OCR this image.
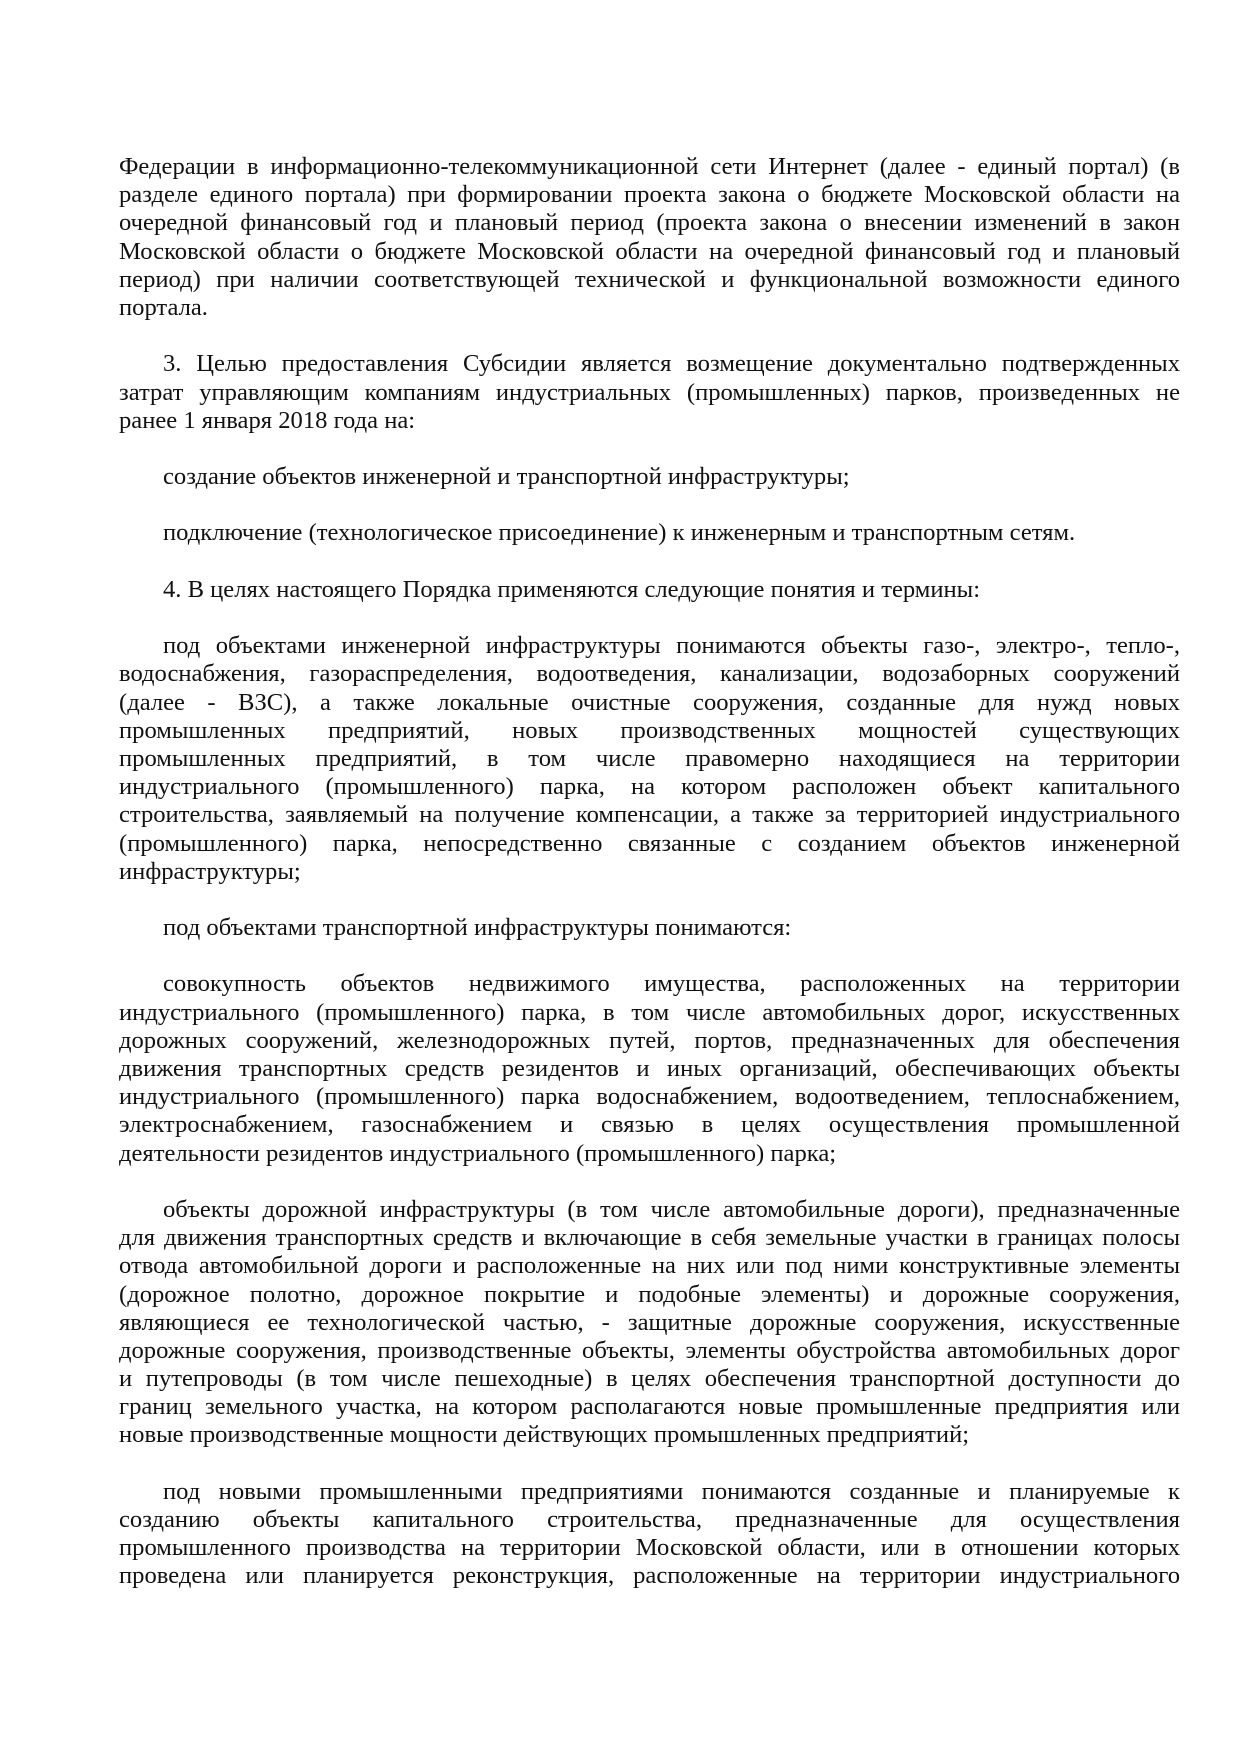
Федерации в информационно-телекоммуникационной сети Интернет (далее - единый портал) (в
разделе единого портала) при формировании проекта закона о бюджете Московской области на
очередной финансовый год и плановый период (проекта закона о внесении изменений в закон
Московской области о бюджете Московской области на очередной финансовый год и плановый
период) при наличии соответствующей технической и функциональной возможности единого
портала.
3. Целью предоставления Субсидии является возмещение документально подтвержденных
затрат управляющим компаниям индустриальных (промышленных) парков, произведенных не
ранее 1 января 2018 года на:
создание объектов инженерной и транспортной инфраструктуры;
подключение (технологическое присоединение) к инженерным и транспортным сетям.
4. В целях настоящего Порядка применяются следующие понятия и термины:
под объектами инженерной инфраструктуры понимаются объекты газо-, электро-, тепло-,
водоснабжения, газораспределения, водоотведения, канализации, водозаборных сооружений
(далее - ВЗС), а также локальные очистные сооружения, созданные для нужд новых
промышленных предприятий, новых производственных мощностей существующих
промышленных предприятий, в том числе правомерно находящиеся на территории
индустриального (промышленного) парка, на котором расположен объект капитального
строительства, заявляемый на получение компенсации, а также за территорией индустриального
(промышленного) парка, непосредственно связанные с созданием объектов инженерной
инфраструктуры;
под объектами транспортной инфраструктуры понимаются:
совокупность объектов недвижимого имущества, расположенных на территории
индустриального (промышленного) парка, в том числе автомобильных дорог, искусственных
дорожных сооружений, железнодорожных путей, портов, предназначенных для обеспечения
движения транспортных средств резидентов и иных организаций, обеспечивающих объекты
индустриального (промышленного) парка водоснабжением, водоотведением, теплоснабжением,
электроснабжением, газоснабжением и связью в целях осуществления промышленной
деятельности резидентов индустриального (промышленного) парка;
объекты дорожной инфраструктуры (в том числе автомобильные дороги), предназначенные
для движения транспортных средств и включающие в себя земельные участки в границах полосы
отвода автомобильной дороги и расположенные на них или под ними конструктивные элементы
(дорожное полотно, дорожное покрытие и подобные элементы) и дорожные сооружения,
являющиеся ее технологической частью, - защитные дорожные сооружения, искусственные
дорожные сооружения, производственные объекты, элементы обустройства автомобильных дорог
и путепроводы (в том числе пешеходные) в целях обеспечения транспортной доступности до
границ земельного участка, на котором располагаются новые промышленные предприятия или
новые производственные мощности действующих промышленных предприятий;
под новыми промышленными предприятиями понимаются созданные и планируемые к
созданию объекты капитального строительства, предназначенные для осуществления
промышленного производства на территории Московской области, или в отношении которых
проведена или планируется реконструкция, расположенные на территории индустриального
